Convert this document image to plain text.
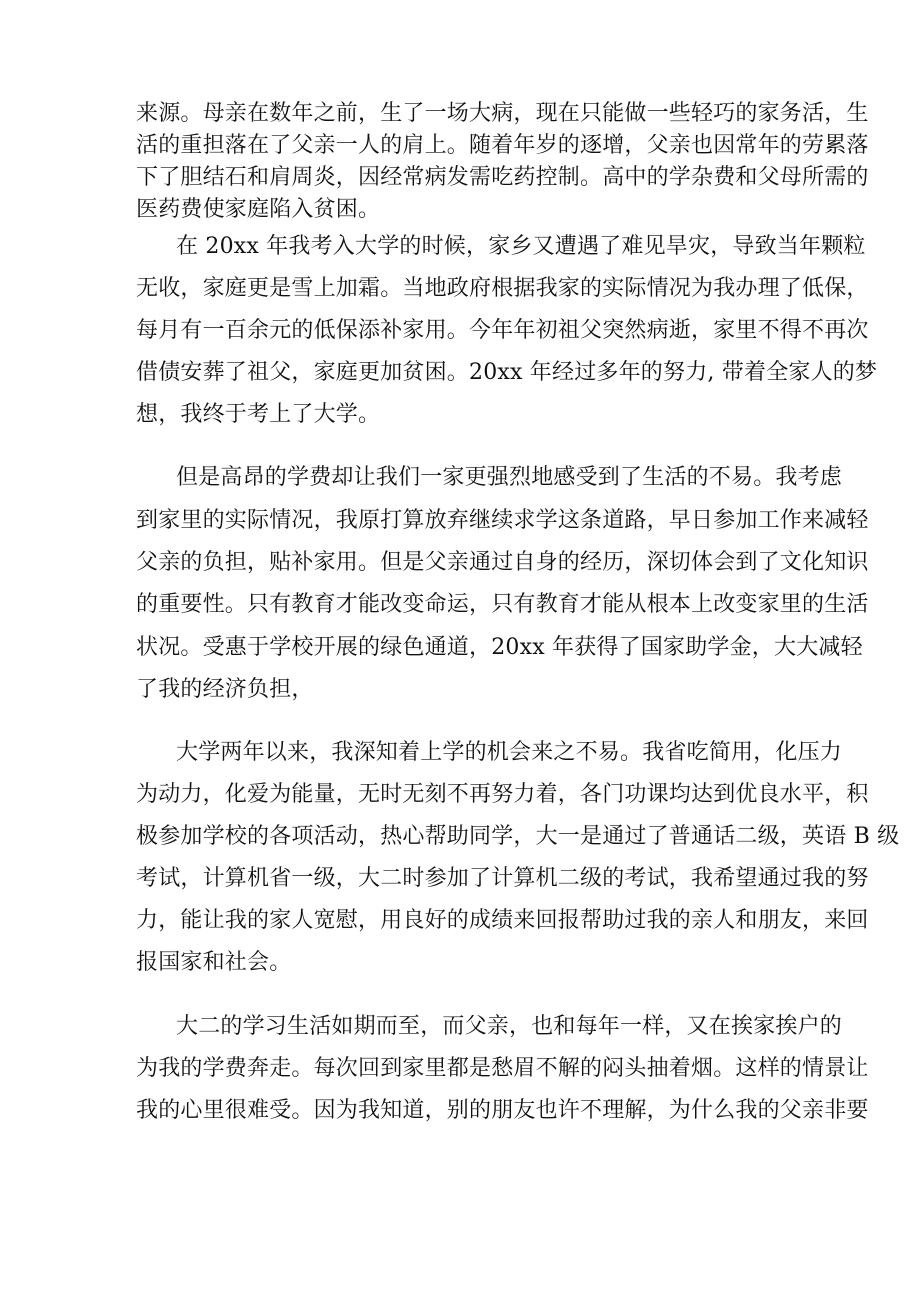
来源。母亲在数年之前，生了一场大病，现在只能做一些轻巧的家务活，生
活的重担落在了父亲一人的肩上。随着年岁的逐增，父亲也因常年的劳累落
下了胆结石和肩周炎，因经常病发需吃药控制。高中的学杂费和父母所需的
医药费使家庭陷入贫困。
在 20xx 年我考入大学的时候，家乡又遭遇了难见旱灾，导致当年颗粒
无收，家庭更是雪上加霜。当地政府根据我家的实际情况为我办理了低保，
每月有一百余元的低保添补家用。今年年初祖父突然病逝，家里不得不再次
借债安葬了祖父，家庭更加贫困。20xx 年经过多年的努力, 带着全家人的梦
想，我终于考上了大学。
但是高昂的学费却让我们一家更强烈地感受到了生活的不易。我考虑
到家里的实际情况，我原打算放弃继续求学这条道路，早日参加工作来减轻
父亲的负担，贴补家用。但是父亲通过自身的经历，深切体会到了文化知识
的重要性。只有教育才能改变命运，只有教育才能从根本上改变家里的生活
状况。受惠于学校开展的绿色通道，20xx 年获得了国家助学金，大大减轻
了我的经济负担，
大学两年以来，我深知着上学的机会来之不易。我省吃简用，化压力
为动力，化爱为能量，无时无刻不再努力着，各门功课均达到优良水平，积
极参加学校的各项活动，热心帮助同学，大一是通过了普通话二级，英语 B 级
考试，计算机省一级，大二时参加了计算机二级的考试，我希望通过我的努
力，能让我的家人宽慰，用良好的成绩来回报帮助过我的亲人和朋友，来回
报国家和社会。
大二的学习生活如期而至，而父亲，也和每年一样，又在挨家挨户的
为我的学费奔走。每次回到家里都是愁眉不解的闷头抽着烟。这样的情景让
我的心里很难受。因为我知道，别的朋友也许不理解，为什么我的父亲非要
